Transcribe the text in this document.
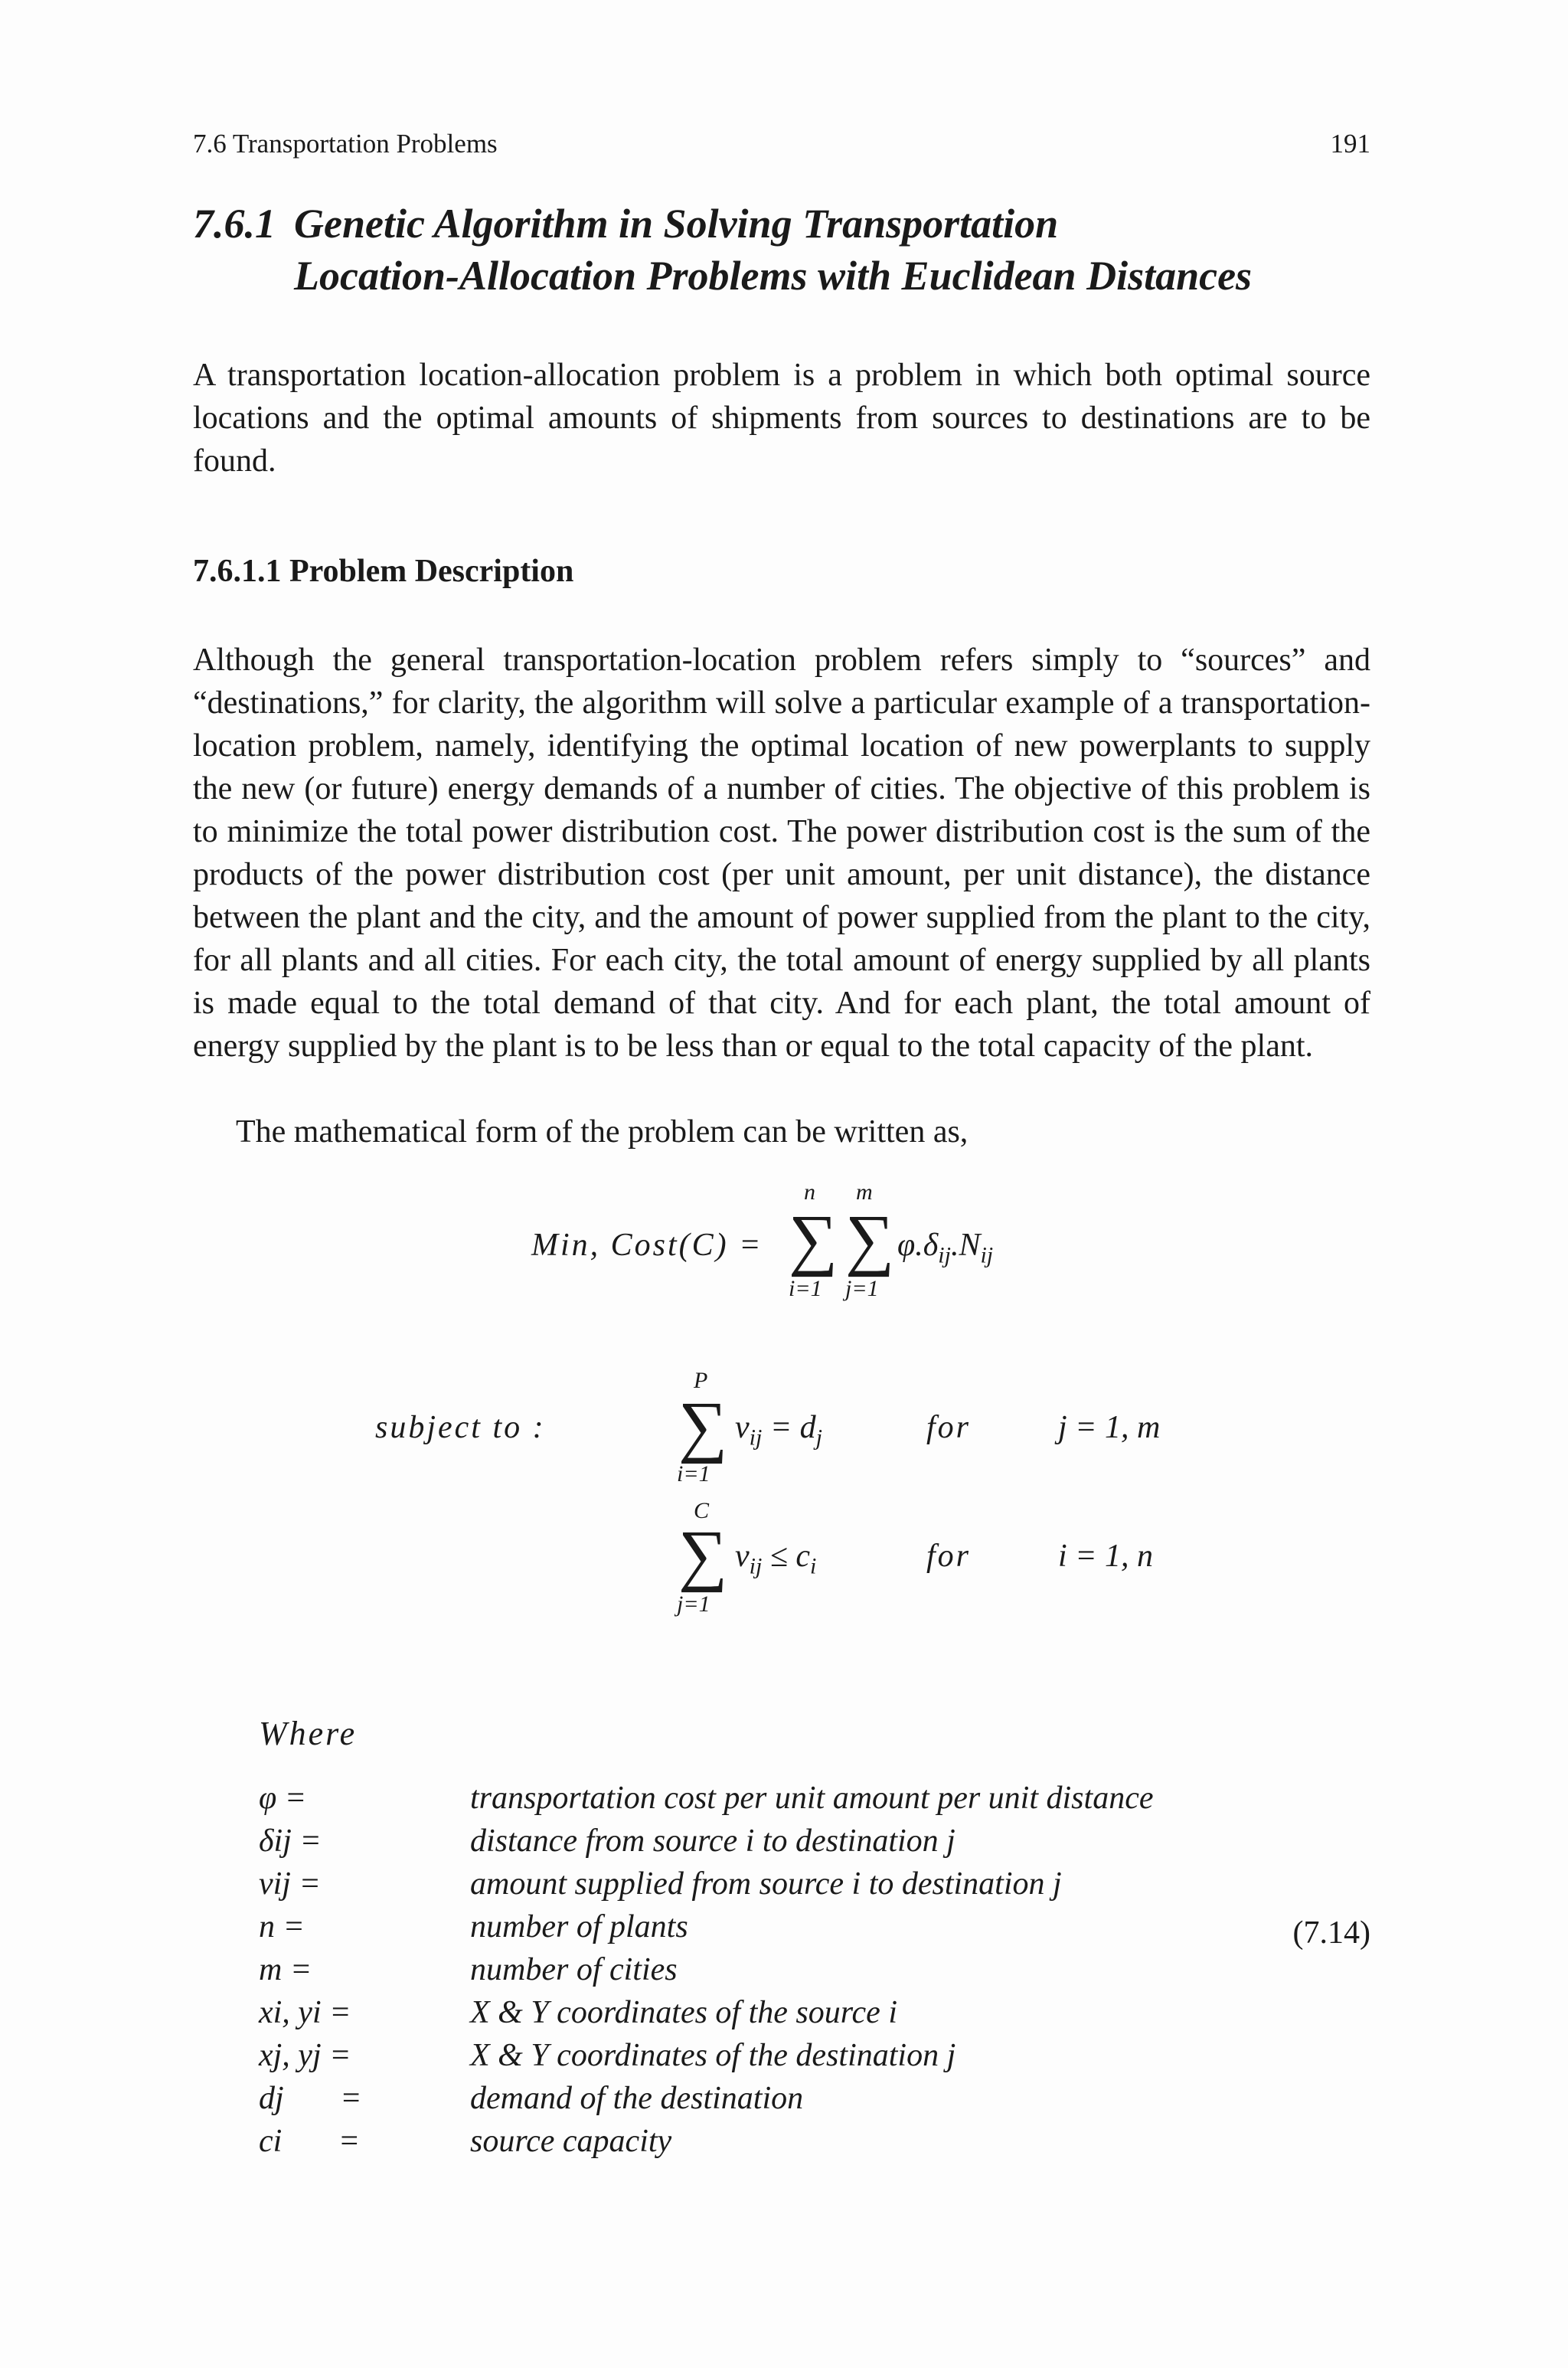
7.6 Transportation Problems	191
7.6.1 Genetic Algorithm in Solving Transportation
Location-Allocation Problems with Euclidean Distances
A transportation location-allocation problem is a problem in which both optimal source locations and the optimal amounts of shipments from sources to destinations are to be found.
7.6.1.1 Problem Description
Although the general transportation-location problem refers simply to “sources” and “destinations,” for clarity, the algorithm will solve a particular example of a transportation-location problem, namely, identifying the optimal location of new powerplants to supply the new (or future) energy demands of a number of cities. The objective of this problem is to minimize the total power distribution cost. The power distribution cost is the sum of the products of the power distribution cost (per unit amount, per unit distance), the distance between the plant and the city, and the amount of power supplied from the plant to the city, for all plants and all cities. For each city, the total amount of energy supplied by all plants is made equal to the total demand of that city. And for each plant, the total amount of energy supplied by the plant is to be less than or equal to the total capacity of the plant.
The mathematical form of the problem can be written as,
Min, Cost(C) =
n
∑
i=1
m
∑
j=1
$\varphi.\delta_{ij}.N_{ij}$
subject to :
P
∑
i=1
$v_{ij} = d_j$	for	j = 1, m
C
∑
j=1
$v_{ij} \le c_i$	for	i = 1, n
Where
φ =	transportation cost per unit amount per unit distance
δij =	distance from source i to destination j
vij =	amount supplied from source i to destination j
n =	number of plants
m =	number of cities
xi, yi =	X & Y coordinates of the source i
xj, yj =	X & Y coordinates of the destination j
dj       =	demand of the destination
ci       =	source capacity
(7.14)
